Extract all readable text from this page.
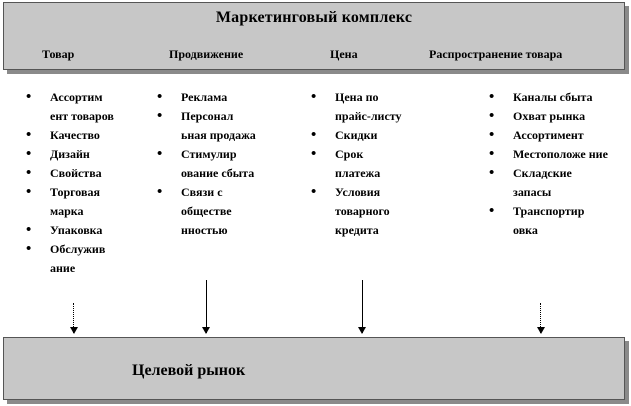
Маркетинговый комплекс
Товар	Продвижение	Цена	Распространение товара
• Ассортим ент товаров
• Качество
• Дизайн
• Свойства
• Торговая марка
• Упаковка
• Обслужив ание
• Реклама
• Персонал ьная продажа
• Стимулир ование сбыта
• Связи с обществе нностью
• Цена по прайс-листу
• Скидки
• Срок платежа
• Условия товарного кредита
• Каналы сбыта
• Охват рынка
• Ассортимент
• Местоположе ние
• Складские запасы
• Транспортир овка
Целевой рынок
